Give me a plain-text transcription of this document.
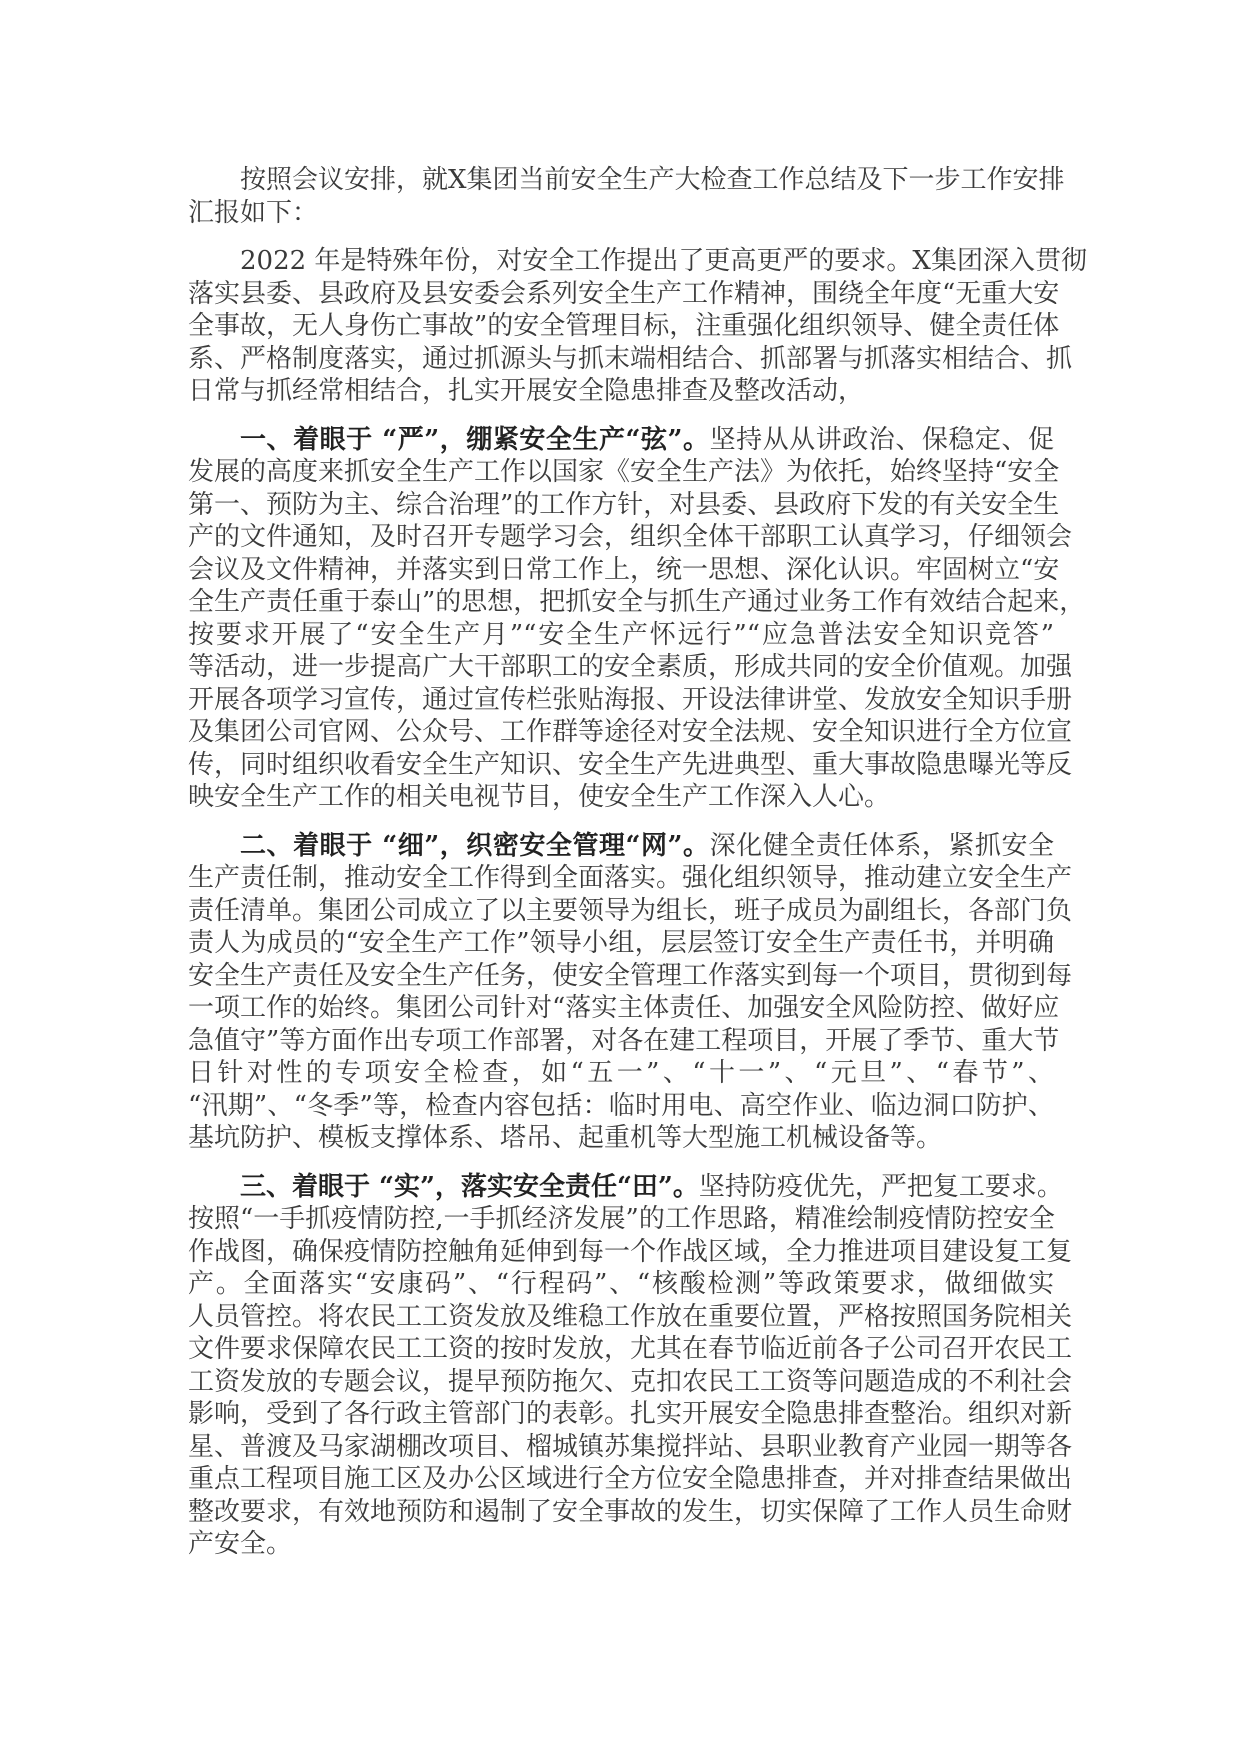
按照会议安排，就X集团当前安全生产大检查工作总结及下一步工作安排
汇报如下：
2022 年是特殊年份，对安全工作提出了更高更严的要求。X集团深入贯彻
落实县委、县政府及县安委会系列安全生产工作精神，围绕全年度“无重大安
全事故，无人身伤亡事故”的安全管理目标，注重强化组织领导、健全责任体
系、严格制度落实，通过抓源头与抓末端相结合、抓部署与抓落实相结合、抓
日常与抓经常相结合，扎实开展安全隐患排查及整改活动，
一、着眼于 “严”，绷紧安全生产“弦”。坚持从从讲政治、保稳定、促
发展的高度来抓安全生产工作以国家《安全生产法》为依托，始终坚持“安全
第一、预防为主、综合治理”的工作方针，对县委、县政府下发的有关安全生
产的文件通知，及时召开专题学习会，组织全体干部职工认真学习，仔细领会
会议及文件精神，并落实到日常工作上，统一思想、深化认识。牢固树立“安
全生产责任重于泰山”的思想，把抓安全与抓生产通过业务工作有效结合起来，
按要求开展了“安全生产月”“安全生产怀远行”“应急普法安全知识竞答”
等活动，进一步提高广大干部职工的安全素质，形成共同的安全价值观。加强
开展各项学习宣传，通过宣传栏张贴海报、开设法律讲堂、发放安全知识手册
及集团公司官网、公众号、工作群等途径对安全法规、安全知识进行全方位宣
传，同时组织收看安全生产知识、安全生产先进典型、重大事故隐患曝光等反
映安全生产工作的相关电视节目，使安全生产工作深入人心。
二、着眼于 “细”，织密安全管理“网”。深化健全责任体系，紧抓安全
生产责任制，推动安全工作得到全面落实。强化组织领导，推动建立安全生产
责任清单。集团公司成立了以主要领导为组长，班子成员为副组长，各部门负
责人为成员的“安全生产工作”领导小组，层层签订安全生产责任书，并明确
安全生产责任及安全生产任务，使安全管理工作落实到每一个项目，贯彻到每
一项工作的始终。集团公司针对“落实主体责任、加强安全风险防控、做好应
急值守”等方面作出专项工作部署，对各在建工程项目，开展了季节、重大节
日针对性的专项安全检查，如“五一”、“十一”、“元旦”、“春节”、
“汛期”、“冬季”等，检查内容包括：临时用电、高空作业、临边洞口防护、
基坑防护、模板支撑体系、塔吊、起重机等大型施工机械设备等。
三、着眼于 “实”，落实安全责任“田”。坚持防疫优先，严把复工要求。
按照“一手抓疫情防控,一手抓经济发展”的工作思路，精准绘制疫情防控安全
作战图，确保疫情防控触角延伸到每一个作战区域，全力推进项目建设复工复
产。全面落实“安康码”、“行程码”、“核酸检测”等政策要求，做细做实
人员管控。将农民工工资发放及维稳工作放在重要位置，严格按照国务院相关
文件要求保障农民工工资的按时发放，尤其在春节临近前各子公司召开农民工
工资发放的专题会议，提早预防拖欠、克扣农民工工资等问题造成的不利社会
影响，受到了各行政主管部门的表彰。扎实开展安全隐患排查整治。组织对新
星、普渡及马家湖棚改项目、榴城镇苏集搅拌站、县职业教育产业园一期等各
重点工程项目施工区及办公区域进行全方位安全隐患排查，并对排查结果做出
整改要求，有效地预防和遏制了安全事故的发生，切实保障了工作人员生命财
产安全。
